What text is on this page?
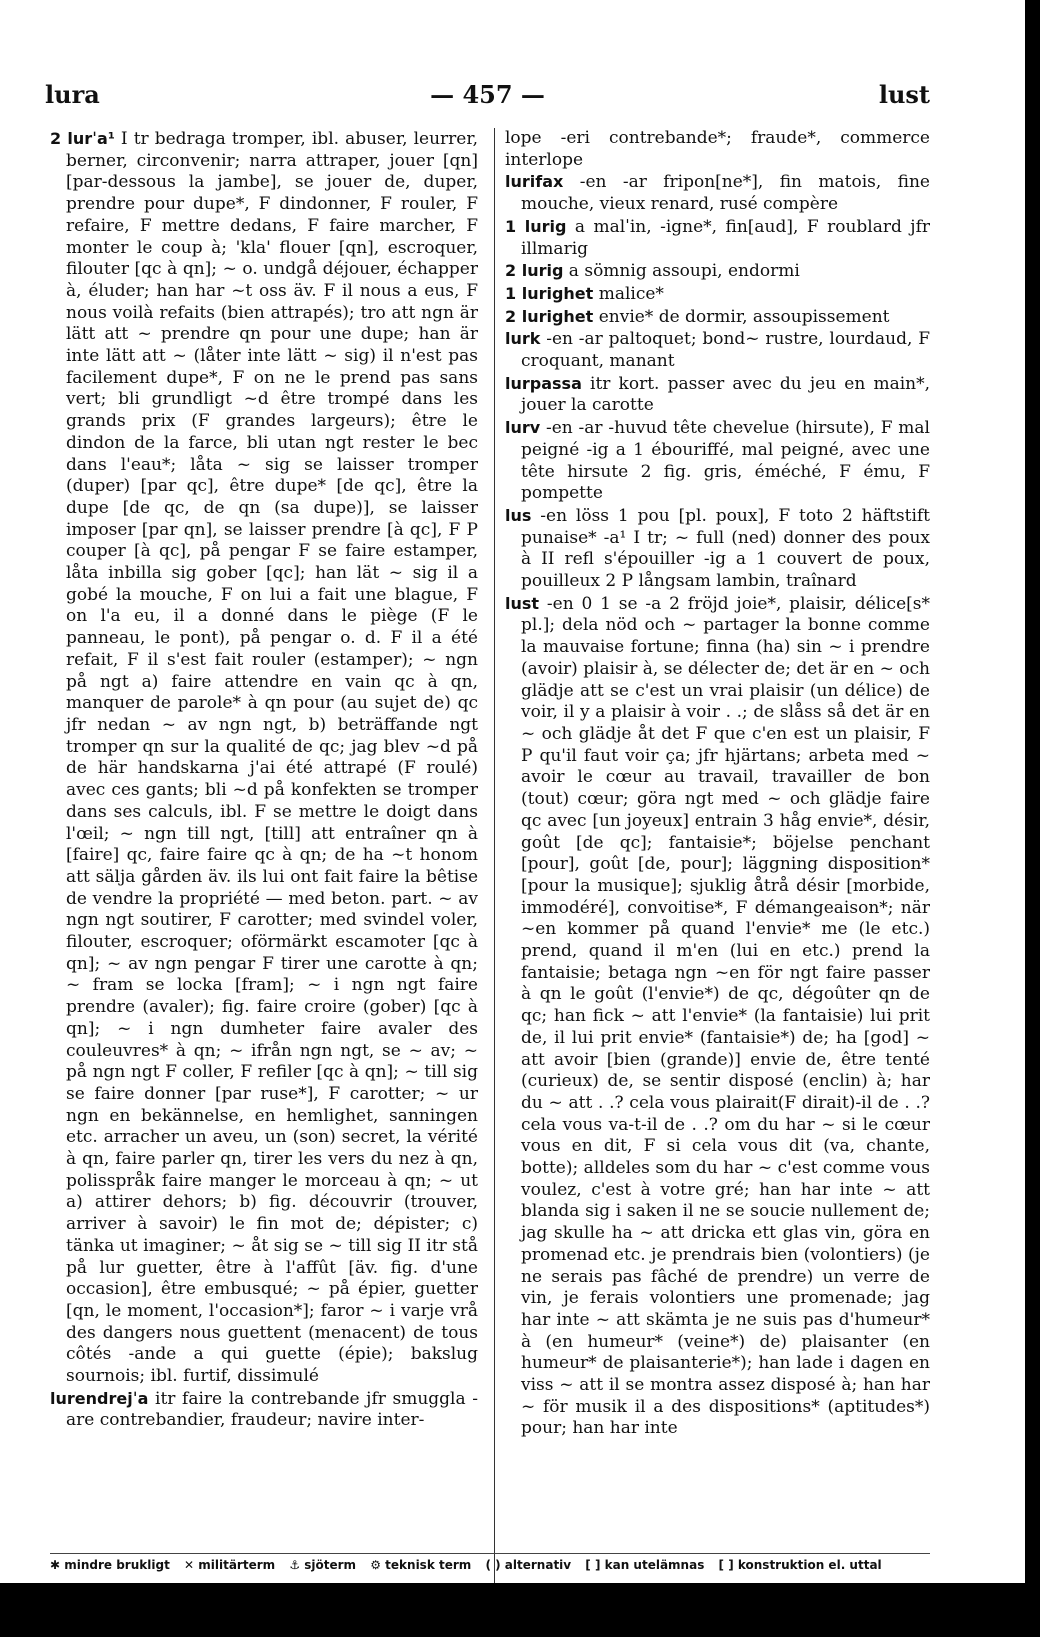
lura	— 457 —	lust

2 lurˈa¹ I tr bedraga tromper, ibl. abuser, leurrer, berner, circonvenir; narra attraper, jouer [qn] [par-dessous la jambe], se jouer de, duper, prendre pour dupe*, F dindonner, F rouler, F refaire, F mettre dedans, F faire marcher, F monter le coup à; 'kla' flouer [qn], escroquer, filouter [qc à qn]; ~ o. undgå déjouer, échapper à, éluder; han har ~t oss äv. F il nous a eus, F nous voilà refaits (bien attrapés); tro att ngn är lätt att ~ prendre qn pour une dupe; han är inte lätt att ~ (låter inte lätt ~ sig) il n'est pas facilement dupe*, F on ne le prend pas sans vert; bli grundligt ~d être trompé dans les grands prix (F grandes largeurs); être le dindon de la farce, bli utan ngt rester le bec dans l'eau*; låta ~ sig se laisser tromper (duper) [par qc], être dupe* [de qc], être la dupe [de qc, de qn (sa dupe)], se laisser imposer [par qn], se laisser prendre [à qc], F P couper [à qc], på pengar F se faire estamper, låta inbilla sig gober [qc]; han lät ~ sig il a gobé la mouche, F on lui a fait une blague, F on l'a eu, il a donné dans le piège (F le panneau, le pont), på pengar o. d. F il a été refait, F il s'est fait rouler (estamper); ~ ngn på ngt a) faire attendre en vain qc à qn, manquer de parole* à qn pour (au sujet de) qc jfr nedan ~ av ngn ngt, b) beträffande ngt tromper qn sur la qualité de qc; jag blev ~d på de här handskarna j'ai été attrapé (F roulé) avec ces gants; bli ~d på konfekten se tromper dans ses calculs, ibl. F se mettre le doigt dans l'œil; ~ ngn till ngt, [till] att entraîner qn à [faire] qc, faire faire qc à qn; de ha ~t honom att sälja gården äv. ils lui ont fait faire la bêtise de vendre la propriété — med beton. part. ~ av ngn ngt soutirer, F carotter; med svindel voler, filouter, escroquer; oförmärkt escamoter [qc à qn]; ~ av ngn pengar F tirer une carotte à qn; ~ fram se locka [fram]; ~ i ngn ngt faire prendre (avaler); fig. faire croire (gober) [qc à qn]; ~ i ngn dumheter faire avaler des couleuvres* à qn; ~ ifrån ngn ngt, se ~ av; ~ på ngn ngt F coller, F refiler [qc à qn]; ~ till sig se faire donner [par ruse*], F carotter; ~ ur ngn en bekännelse, en hemlighet, sanningen etc. arracher un aveu, un (son) secret, la vérité à qn, faire parler qn, tirer les vers du nez à qn, polisspråk faire manger le morceau à qn; ~ ut a) attirer dehors; b) fig. découvrir (trouver, arriver à savoir) le fin mot de; dépister; c) tänka ut imaginer; ~ åt sig se ~ till sig II itr stå på lur guetter, être à l'affût [äv. fig. d'une occasion], être embusqué; ~ på épier, guetter [qn, le moment, l'occasion*]; faror ~ i varje vrå des dangers nous guettent (menacent) de tous côtés -ande a qui guette (épie); bakslug sournois; ibl. furtif, dissimulé

lurendrejˈa itr faire la contrebande jfr smuggla -are contrebandier, fraudeur; navire inter-

lope -eri contrebande*; fraude*, commerce interlope

lurifax -en -ar fripon[ne*], fin matois, fine mouche, vieux renard, rusé compère

1 lurig a malˈin, -igne*, fin[aud], F roublard jfr illmarig

2 lurig a sömnig assoupi, endormi

1 lurighet malice*

2 lurighet envie* de dormir, assoupissement

lurk -en -ar paltoquet; bond~ rustre, lourdaud, F croquant, manant

lurpassa itr kort. passer avec du jeu en main*, jouer la carotte

lurv -en -ar -huvud tête chevelue (hirsute), F mal peigné -ig a 1 ébouriffé, mal peigné, avec une tête hirsute 2 fig. gris, éméché, F ému, F pompette

lus -en löss 1 pou [pl. poux], F toto 2 häftstift punaise* -a¹ I tr; ~ full (ned) donner des poux à II refl s'épouiller -ig a 1 couvert de poux, pouilleux 2 P långsam lambin, traînard

lust -en 0 1 se -a 2 fröjd joie*, plaisir, délice[s* pl.]; dela nöd och ~ partager la bonne comme la mauvaise fortune; finna (ha) sin ~ i prendre (avoir) plaisir à, se délecter de; det är en ~ och glädje att se c'est un vrai plaisir (un délice) de voir, il y a plaisir à voir . .; de slåss så det är en ~ och glädje åt det F que c'en est un plaisir, F P qu'il faut voir ça; jfr hjärtans; arbeta med ~ avoir le cœur au travail, travailler de bon (tout) cœur; göra ngt med ~ och glädje faire qc avec [un joyeux] entrain 3 håg envie*, désir, goût [de qc]; fantaisie*; böjelse penchant [pour], goût [de, pour]; läggning disposition* [pour la musique]; sjuklig åtrå désir [morbide, immodéré], convoitise*, F démangeaison*; när ~en kommer på quand l'envie* me (le etc.) prend, quand il m'en (lui en etc.) prend la fantaisie; betaga ngn ~en för ngt faire passer à qn le goût (l'envie*) de qc, dégoûter qn de qc; han fick ~ att l'envie* (la fantaisie) lui prit de, il lui prit envie* (fantaisie*) de; ha [god] ~ att avoir [bien (grande)] envie de, être tenté (curieux) de, se sentir disposé (enclin) à; har du ~ att . .? cela vous plairait(F dirait)-il de . .? cela vous va-t-il de . .? om du har ~ si le cœur vous en dit, F si cela vous dit (va, chante, botte); alldeles som du har ~ c'est comme vous voulez, c'est à votre gré; han har inte ~ att blanda sig i saken il ne se soucie nullement de; jag skulle ha ~ att dricka ett glas vin, göra en promenad etc. je prendrais bien (volontiers) (je ne serais pas fâché de prendre) un verre de vin, je ferais volontiers une promenade; jag har inte ~ att skämta je ne suis pas d'humeur* à (en humeur* (veine*) de) plaisanter (en humeur* de plaisanterie*); han lade i dagen en viss ~ att il se montra assez disposé à; han har ~ för musik il a des dispositions* (aptitudes*) pour; han har inte

✱ mindre brukligt ✕ militärterm ⚓ sjöterm ⚙ teknisk term ( ) alternativ [ ] kan utelämnas [ ] konstruktion el. uttal
